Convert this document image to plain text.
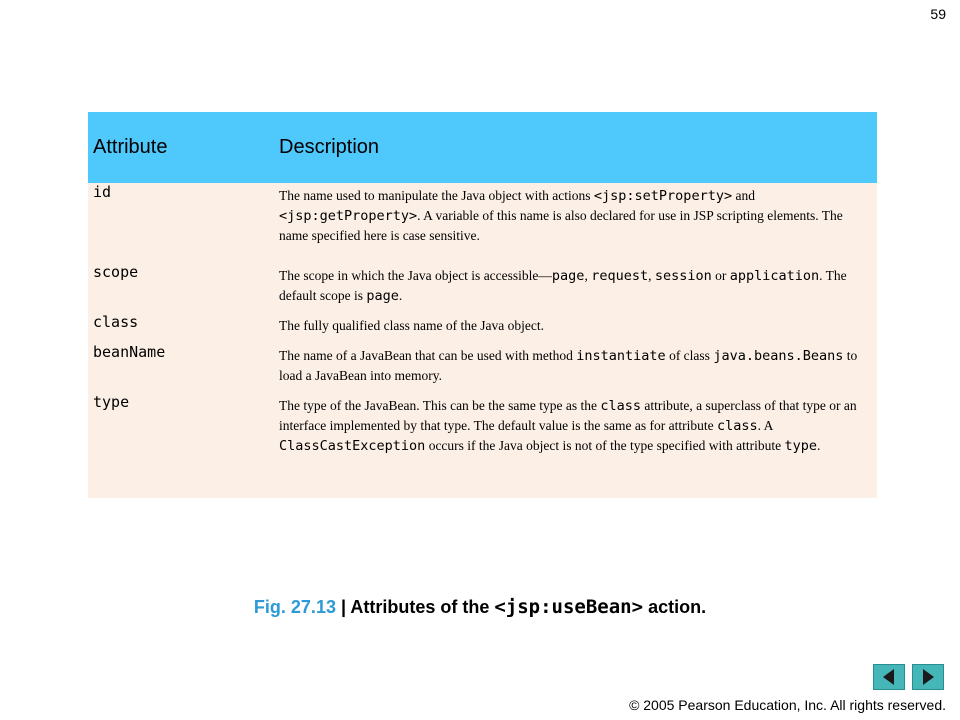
59
Attribute	Description
id	The name used to manipulate the Java object with actions <jsp:setProperty> and <jsp:getProperty>. A variable of this name is also declared for use in JSP scripting elements. The name specified here is case sensitive.
scope	The scope in which the Java object is accessible—page, request, session or application. The default scope is page.
class	The fully qualified class name of the Java object.
beanName	The name of a JavaBean that can be used with method instantiate of class java.beans.Beans to load a JavaBean into memory.
type	The type of the JavaBean. This can be the same type as the class attribute, a superclass of that type or an interface implemented by that type. The default value is the same as for attribute class. A ClassCastException occurs if the Java object is not of the type specified with attribute type.
Fig. 27.13 | Attributes of the <jsp:useBean> action.
© 2005 Pearson Education, Inc. All rights reserved.
